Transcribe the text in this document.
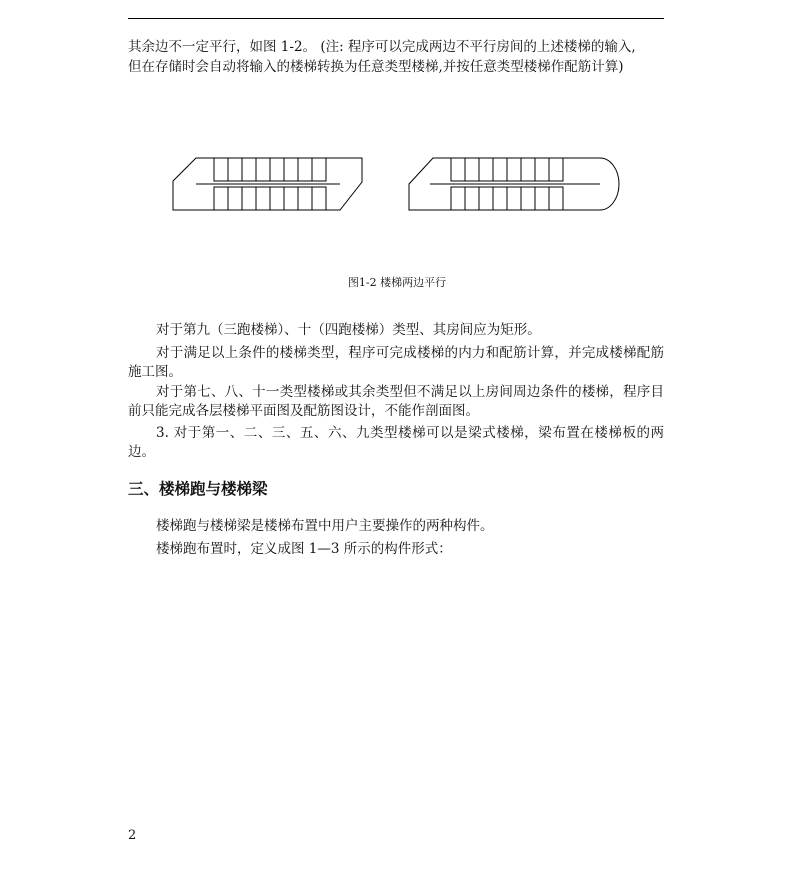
其余边不一定平行，如图 1-2。 (注: 程序可以完成两边不平行房间的上述楼梯的输入,

但在存储时会自动将输入的楼梯转换为任意类型楼梯,并按任意类型楼梯作配筋计算)

图1-2 楼梯两边平行

对于第九（三跑楼梯）、十（四跑楼梯）类型、其房间应为矩形。

对于满足以上条件的楼梯类型，程序可完成楼梯的内力和配筋计算，并完成楼梯配筋施工图。

对于第七、八、十一类型楼梯或其余类型但不满足以上房间周边条件的楼梯，程序目前只能完成各层楼梯平面图及配筋图设计，不能作剖面图。

3. 对于第一、二、三、五、六、九类型楼梯可以是梁式楼梯，梁布置在楼梯板的两边。

三、楼梯跑与楼梯梁

楼梯跑与楼梯梁是楼梯布置中用户主要操作的两种构件。

楼梯跑布置时，定义成图 1—3 所示的构件形式：

2
